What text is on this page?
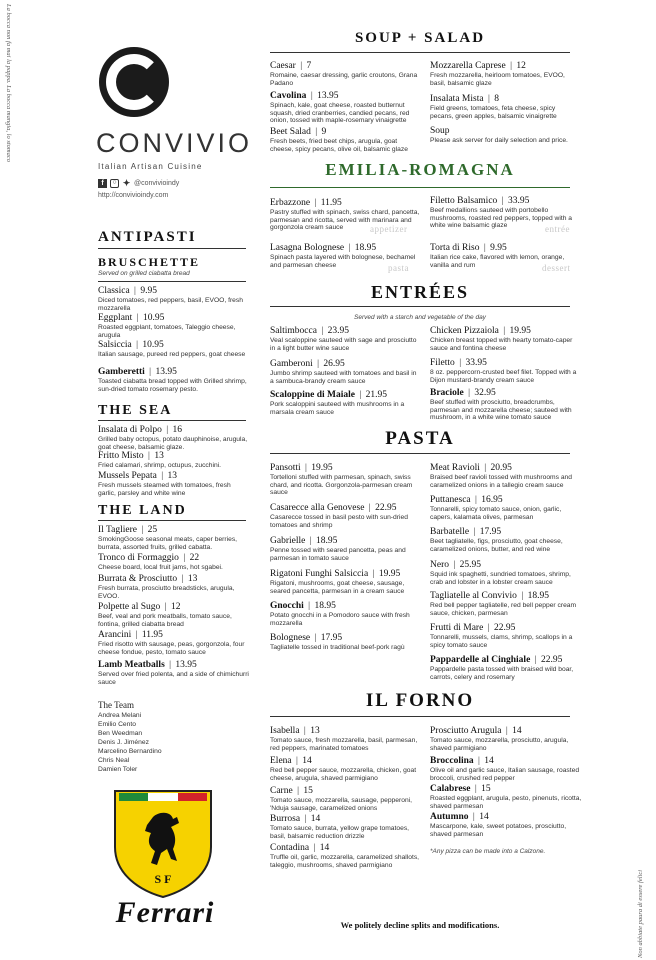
La bocca non fa mai la pappa. La bocca mangia, lo stomaco
Non abbiate paura di essere felici
CONVIVIO
Italian Artisan Cuisine
f	○ ✦ @convivioindy
http://convivioindy.com
ANTIPASTI
BRUSCHETTE
Served on grilled ciabatta bread
Classica | 9.95
Diced tomatoes, red peppers, basil, EVOO, fresh mozzarella
Eggplant | 10.95
Roasted eggplant, tomatoes, Taleggio cheese, arugula
Salsiccia | 10.95
Italian sausage, pureed red peppers, goat cheese
Gamberetti | 13.95
Toasted ciabatta bread topped with Grilled shrimp, sun-dried tomato rosemary pesto.
THE SEA
Insalata di Polpo | 16
Grilled baby octopus, potato dauphinoise, arugula, goat cheese, balsamic glaze.
Fritto Misto | 13
Fried calamari, shrimp, octupus, zucchini.
Mussels Pepata | 13
Fresh mussels steamed with tomatoes, fresh garlic, parsley and white wine
THE LAND
Il Tagliere | 25
SmokingGoose seasonal meats, caper berries, burrata, assorted fruits, grilled cabatta.
Tronco di Formaggio | 22
Cheese board, local fruit jams, hot sgabei.
Burrata & Prosciutto | 13
Fresh burrata, prosciutto breadsticks, arugula, EVOO.
Polpette al Sugo | 12
Beef, veal and pork meatballs, tomato sauce, fontina, grilled ciabatta bread
Arancini | 11.95
Fried risotto with sausage, peas, gorgonzola, four cheese fondue, pesto, tomato sauce
Lamb Meatballs | 13.95
Served over fried polenta, and a side of chimichurri sauce
The Team
Andrea Melani
Emilio Cento
Ben Weedman
Denis J. Jiménez
Marcelino Bernardino
Chris Neal
Damien Toler
S F
Ferrari
SOUP + SALAD
Caesar | 7
Romaine, caesar dressing, garlic croutons, Grana Padano
Cavolina | 13.95
Spinach, kale, goat cheese, roasted butternut squash, dried cranberries, candied pecans, red onion, tossed with maple-rosemary vinaigrette
Beet Salad | 9
Fresh beets, fried beet chips, arugula, goat cheese, spicy pecans, olive oil, balsamic glaze
Mozzarella Caprese | 12
Fresh mozzarella, heirloom tomatoes, EVOO, basil, balsamic glaze
Insalata Mista | 8
Field greens, tomatoes, feta cheese, spicy pecans, green apples, balsamic vinaigrette
Soup
Please ask server for daily selection and price.
EMILIA-ROMAGNA
Erbazzone | 11.95
Pastry stuffed with spinach, swiss chard, pancetta, parmesan and ricotta, served with marinara and gorgonzola cream sauce	appetizer
Filetto Balsamico | 33.95
Beef medallions sauteed with portobello mushrooms, roasted red peppers, topped with a white wine balsamic glaze	entrée
Lasagna Bolognese | 18.95
Spinach pasta layered with bolognese, bechamel and parmesan cheese	pasta
Torta di Riso | 9.95
Italian rice cake, flavored with lemon, orange, vanilla and rum	dessert
ENTRÉES
Served with a starch and vegetable of the day
Saltimbocca | 23.95
Veal scaloppine sauteed with sage and prosciutto in a light butter wine sauce
Gamberoni | 26.95
Jumbo shrimp sauteed with tomatoes and basil in a sambuca-brandy cream sauce
Scaloppine di Maiale | 21.95
Pork scaloppini sauteed with mushrooms in a marsala cream sauce
Chicken Pizzaiola | 19.95
Chicken breast topped with hearty tomato-caper sauce and fontina cheese
Filetto | 33.95
8 oz. peppercorn-crusted beef filet. Topped with a Dijon mustard-brandy cream sauce
Braciole | 32.95
Beef stuffed with prosciutto, breadcrumbs, parmesan and mozzarella cheese; sauteed with mushroom, in a white wine tomato sauce
PASTA
Pansotti | 19.95
Tortelloni stuffed with parmesan, spinach, swiss chard, and ricotta. Gorgonzola-parmesan cream sauce
Casarecce alla Genovese | 22.95
Casarecce tossed in basil pesto with sun-dried tomatoes and shrimp
Gabrielle | 18.95
Penne tossed with seared pancetta, peas and parmesan in tomato sauce
Rigatoni Funghi Salsiccia | 19.95
Rigatoni, mushrooms, goat cheese, sausage, seared pancetta, parmesan in a cream sauce
Gnocchi | 18.95
Potato gnocchi in a Pomodoro sauce with fresh mozzarella
Bolognese | 17.95
Tagliatelle tossed in traditional beef-pork ragù
Meat Ravioli | 20.95
Braised beef ravioli tossed with mushrooms and caramelized onions in a tallegio cream sauce
Puttanesca | 16.95
Tonnarelli, spicy tomato sauce, onion, garlic, capers, kalamata olives, parmesan
Barbatelle | 17.95
Beet tagliatelle, figs, prosciutto, goat cheese, caramelized onions, butter, and red wine
Nero | 25.95
Squid ink spaghetti, sundried tomatoes, shrimp, crab and lobster in a lobster cream sauce
Tagliatelle al Convivio | 18.95
Red bell pepper tagliatelle, red bell pepper cream sauce, chicken, parmesan
Frutti di Mare | 22.95
Tonnarelli, mussels, clams, shrimp, scallops in a spicy tomato sauce
Pappardelle al Cinghiale | 22.95
Pappardelle pasta tossed with braised wild boar, carrots, celery and rosemary
IL FORNO
Isabella | 13
Tomato sauce, fresh mozzarella, basil, parmesan, red peppers, marinated tomatoes
Elena | 14
Red bell pepper sauce, mozzarella, chicken, goat cheese, arugula, shaved parmigiano
Carne | 15
Tomato sauce, mozzarella, sausage, pepperoni, 'Nduja sausage, caramelized onions
Burrosa | 14
Tomato sauce, burrata, yellow grape tomatoes, basil, balsamic reduction drizzle
Contadina | 14
Truffle oil, garlic, mozzarella, caramelized shallots, taleggio, mushrooms, shaved parmigiano
Prosciutto Arugula | 14
Tomato sauce, mozzarella, prosciutto, arugula, shaved parmigiano
Broccolina | 14
Olive oil and garlic sauce, Italian sausage, roasted broccoli, crushed red pepper
Calabrese | 15
Roasted eggplant, arugula, pesto, pinenuts, ricotta, shaved parmesan
Autumno | 14
Mascarpone, kale, sweet potatoes, prosciutto, shaved parmesan
*Any pizza can be made into a Calzone.
We politely decline splits and modifications.
